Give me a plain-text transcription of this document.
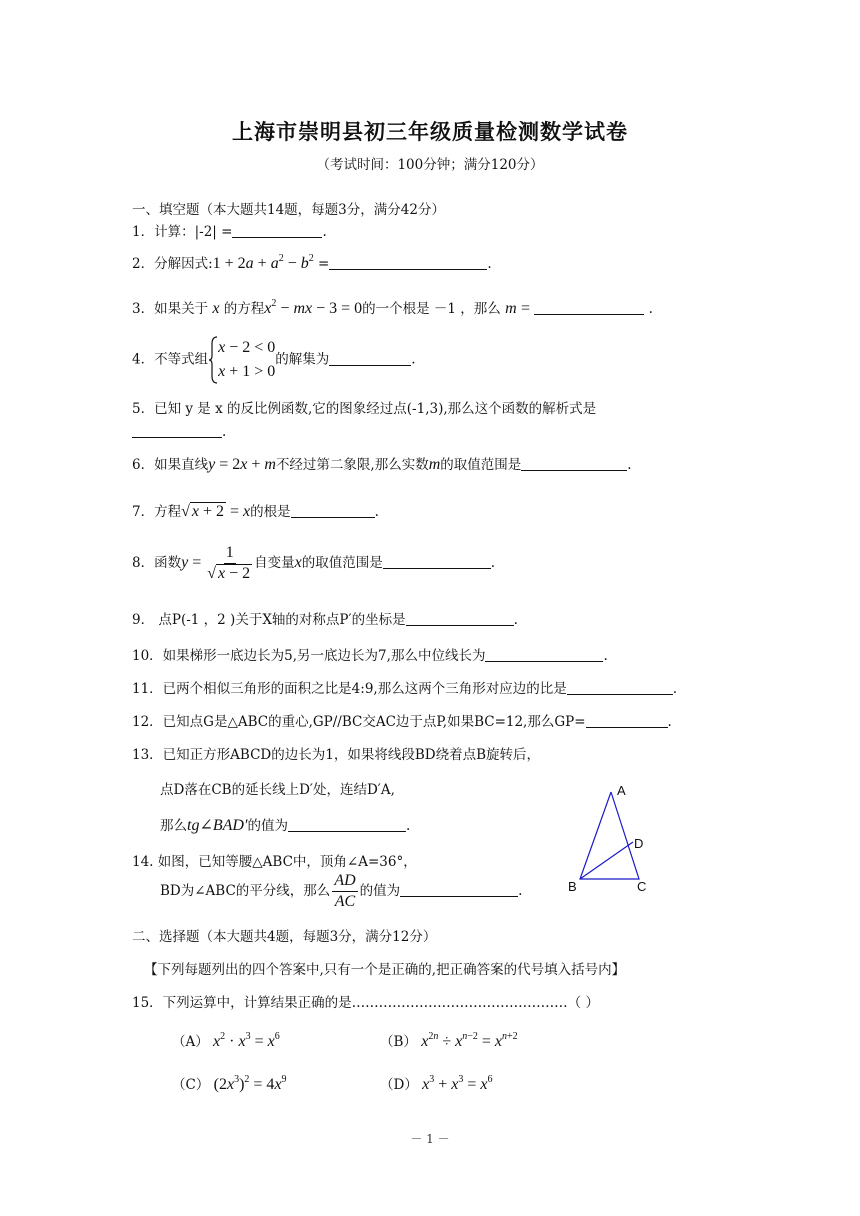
上海市崇明县初三年级质量检测数学试卷
（考试时间：100分钟；满分120分）
一、填空题（本大题共14题，每题3分，满分42分）
1．计算：|-2| =	.
2．分解因式:1 + $2a + a^2 - b^2$ =	.
3．如果关于 x 的方程$x^2$ − mx − 3 = 0的一个根是 －1 ，那么 m =	.
4．不等式组
x − 2 < 0
x + 1 > 0
的解集为	.
5．已知 y 是 x 的反比例函数,它的图象经过点(-1,3),那么这个函数的解析式是
.
6．如果直线y = 2x + m不经过第二象限,那么实数m的取值范围是	.
7．方程√ x + 2 = x的根是	.
8．函数$y = \frac{1}{√ x - 2}$ 自变量x的取值范围是	.
9． 点P(-1 ，2 )关于X轴的对称点P′的坐标是	.
10．如果梯形一底边长为5,另一底边长为7,那么中位线长为	.
11．已两个相似三角形的面积之比是4:9,那么这两个三角形对应边的比是	.
12．已知点G是△ABC的重心,GP//BC交AC边于点P,如果BC=12,那么GP=	.
13．已知正方形ABCD的边长为1，如果将线段BD绕着点B旋转后，
点D落在CB的延长线上D′处，连结D′A,
那么tg∠BAD′的值为	.
14. 如图，已知等腰△ABC中，顶角∠A=36°，
BD为∠ABC的平分线，那么 $\frac{AD}{AC}$ 的值为	.
A
D
B	C
二、选择题（本大题共4题，每题3分，满分12分）
【下列每题列出的四个答案中,只有一个是正确的,把正确答案的代号填入括号内】
15．下列运算中，计算结果正确的是…………………………………………（ ）
（A） $x^2 \cdot x^3 = x^6$	（B） $x^{2n} \div x^{n-2} = x^{n+2}$
（C） $(2x^3)^2 = 4x^9$	（D） $x^3 + x^3 = x^6$
－ 1 －
